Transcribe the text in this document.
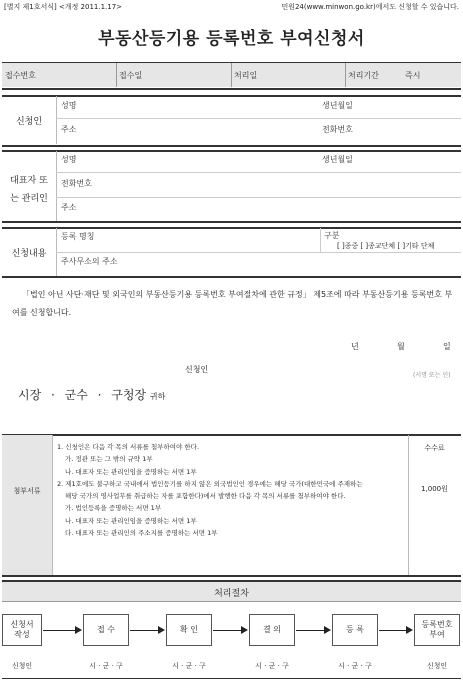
[별지 제1호서식] <개정 2011.1.17>	민원24(www.minwon.go.kr)에서도 신청할 수 있습니다.
부동산등기용 등록번호 부여신청서
접수번호	접수일	처리일	처리기간	즉시
신청인
성명	생년월일
주소	전화번호
대표자 또
는 관리인
성명	생년월일
전화번호
주소
신청내용
등록 명칭	구분
[ ]종중 [ ]종교단체 [ ]기타 단체
주사무소의 주소
「법인 아닌 사단·재단 및 외국인의 부동산등기용 등록번호 부여절차에 관한 규정」 제5조에 따라 부동산등기용 등록번호 부여를 신청합니다.
년	월	일
신청인
(서명 또는 인)
시장 · 군수 · 구청장 귀하
첨부서류
1. 신청인은 다음 각 목의 서류를 첨부하여야 한다.
가. 정관 또는 그 밖의 규약 1부
나. 대표자 또는 관리인임을 증명하는 서면 1부
2. 제1호에도 불구하고 국내에서 법인등기를 하지 않은 외국법인인 경우에는 해당 국가(대한민국에 주재하는
해당 국가의 영사업무를 취급하는 자를 포함한다)에서 발행한 다음 각 목의 서류를 첨부하여야 한다.
가. 법인등록을 증명하는 서면 1부
나. 대표자 또는 관리인임을 증명하는 서면 1부
다. 대표자 또는 관리인의 주소지를 증명하는 서면 1부
수수료
1,000원
처리절차
신청서
작성
접 수	확 인	결 의	등 록
등록번호
부여
신청인	시 · 군 · 구	시 · 군 · 구	시 · 군 · 구	시 · 군 · 구	신청인
